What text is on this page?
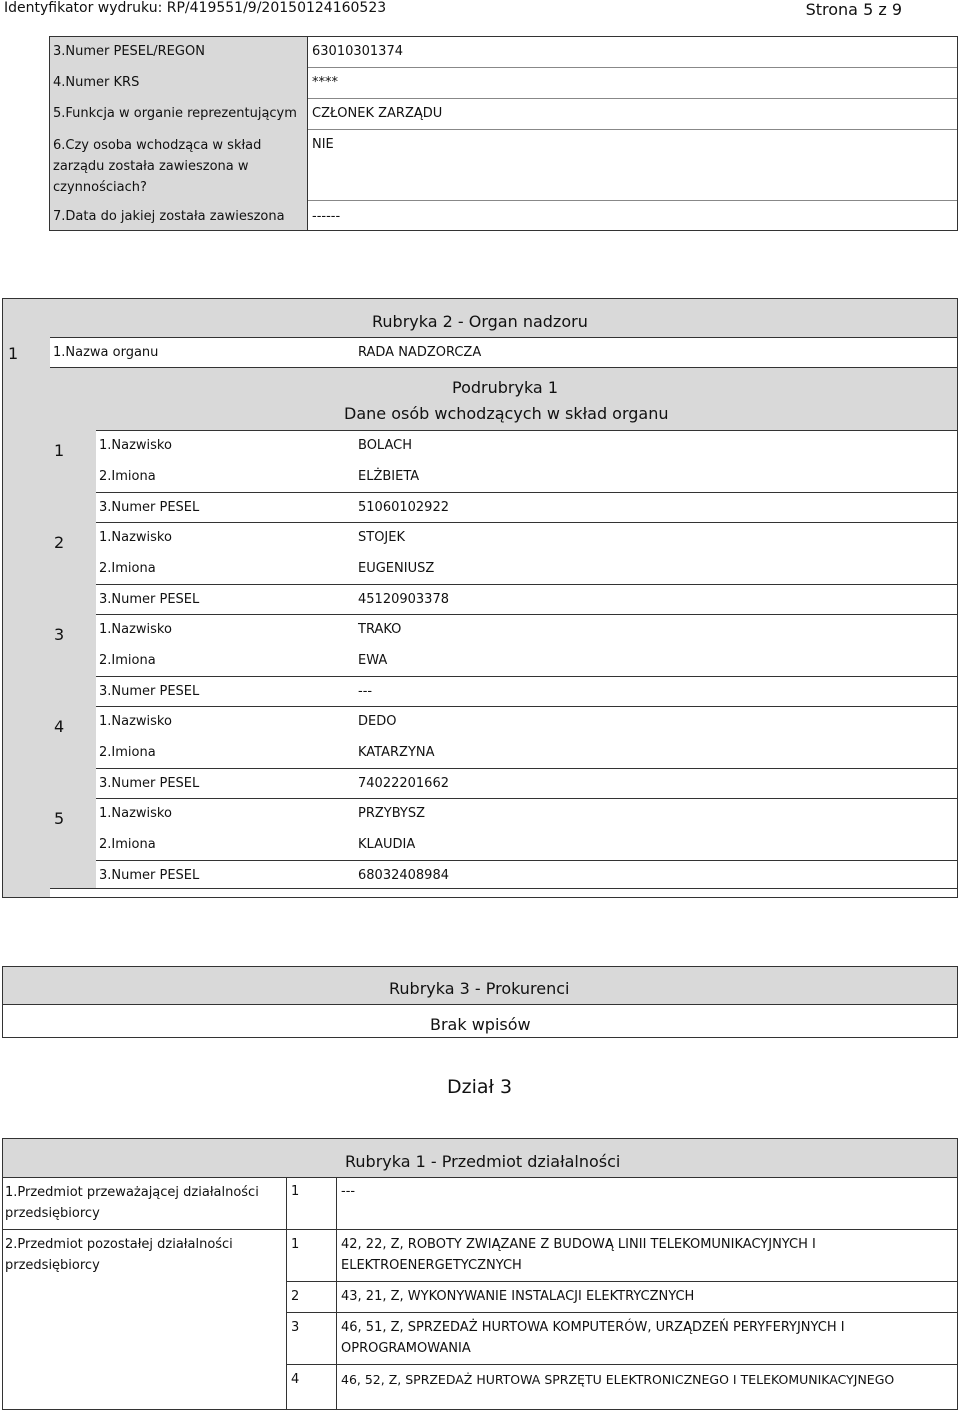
Identyfikator wydruku: RP/419551/9/20150124160523	Strona 5 z 9
3.Numer PESEL/REGON	63010301374
4.Numer KRS	****
5.Funkcja w organie reprezentującym CZŁONEK ZARZĄDU
6.Czy osoba wchodząca w skład zarządu została zawieszona w czynnościach?
NIE
7.Data do jakiej została zawieszona ------
Rubryka 2 - Organ nadzoru
1	1.Nazwa organu	RADA NADZORCZA
Podrubryka 1
Dane osób wchodzących w skład organu
1	1.Nazwisko	BOLACH
2.Imiona	ELŻBIETA
3.Numer PESEL	51060102922
2	1.Nazwisko	STOJEK
2.Imiona	EUGENIUSZ
3.Numer PESEL	45120903378
3	1.Nazwisko	TRAKO
2.Imiona	EWA
3.Numer PESEL	---
4	1.Nazwisko	DEDO
2.Imiona	KATARZYNA
3.Numer PESEL	74022201662
5	1.Nazwisko	PRZYBYSZ
2.Imiona	KLAUDIA
3.Numer PESEL	68032408984
Rubryka 3 - Prokurenci
Brak wpisów
Dział 3
Rubryka 1 - Przedmiot działalności
1.Przedmiot przeważającej działalności przedsiębiorcy
1	---
2.Przedmiot pozostałej działalności przedsiębiorcy
1	42, 22, Z, ROBOTY ZWIĄZANE Z BUDOWĄ LINII TELEKOMUNIKACYJNYCH I ELEKTROENERGETYCZNYCH
2	43, 21, Z, WYKONYWANIE INSTALACJI ELEKTRYCZNYCH
3	46, 51, Z, SPRZEDAŻ HURTOWA KOMPUTERÓW, URZĄDZEŃ PERYFERYJNYCH I OPROGRAMOWANIA
4	46, 52, Z, SPRZEDAŻ HURTOWA SPRZĘTU ELEKTRONICZNEGO I TELEKOMUNIKACYJNEGO
